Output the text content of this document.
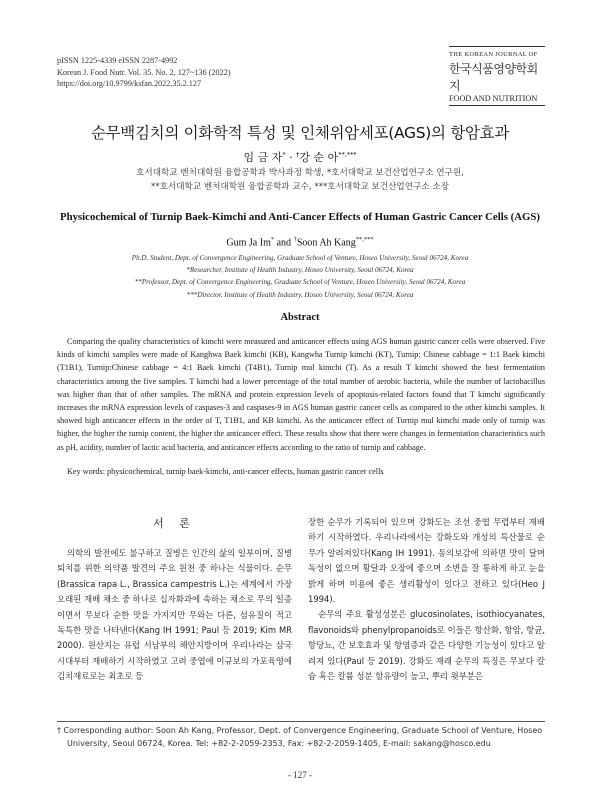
pISSN 1225-4339 eISSN 2287-4992
Korean J. Food Nutr. Vol. 35. No. 2, 127~136 (2022)
https://doi.org/10.9799/ksfan.2022.35.2.127
THE KOREAN JOURNAL OF
한국식품영양학회지
FOOD AND NUTRITION
순무백김치의 이화학적 특성 및 인체위암세포(AGS)의 항암효과
임 금 자* · †강 순 아**,***
호서대학교 벤처대학원 융합공학과 박사과정 학생, *호서대학교 보건산업연구소 연구원,
**호서대학교 벤처대학원 융합공학과 교수, ***호서대학교 보건산업연구소 소장
Physicochemical of Turnip Baek-Kimchi and Anti-Cancer Effects of Human Gastric Cancer Cells (AGS)
Gum Ja Im* and †Soon Ah Kang**,***
Ph.D. Student, Dept. of Convergence Engineering, Graduate School of Venture, Hoseo University, Seoul 06724, Korea
*Researcher, Institute of Health Industry, Hoseo University, Seoul 06724, Korea
**Professor, Dept. of Convergence Engineering, Graduate School of Venture, Hoseo University, Seoul 06724, Korea
***Director, Institute of Health Industry, Hoseo University, Seoul 06724, Korea
Abstract
Comparing the quality characteristics of kimchi were measured and anticancer effects using AGS human gastric cancer cells were observed. Five kinds of kimchi samples were made of Kanghwa Baek kimchi (KB), Kangwha Turnip kimchi (KT), Turnip: Chinese cabbage = 1:1 Baek kimchi (T1B1), Turnip:Chinese cabbage = 4:1 Baek kimchi (T4B1), Turnip mul kimchi (T). As a result T kimchi showed the best fermentation characteristics among the five samples. T kimchi had a lower percentage of the total number of aerobic bacteria, while the number of lactobacillus was higher than that of other samples. The mRNA and protein expression levels of apoptosis-related factors found that T kimchi significantly increases the mRNA expression levels of caspases-3 and caspases-9 in AGS human gastric cancer cells as compared to the other kimchi samples. It showed high anticancer effects in the order of T, T1B1, and KB kimchi. As the anticancer effect of Turnip mul kimchi made only of turnip was higher, the higher the turnip content, the higher the anticancer effect. These results show that there were changes in fermentation characteristics such as pH, acidity, number of lactic acid bacteria, and anticancer effects according to the ratio of turnip and cabbage.
Key words: physicochemical, turnip baek-kimchi, anti-cancer effects, human gastric cancer cells
서 론
의학의 발전에도 불구하고 질병은 인간의 삶의 일부이며, 질병퇴치를 위한 의약품 발견의 주요 원천 중 하나는 식물이다. 순무(Brassica rapa L., Brassica campestris L.)는 세계에서 가장 오래된 재배 채소 중 하나로 십자화과에 속하는 채소로 무의 일종이면서 무보다 순한 맛을 가지지만 무와는 다른, 섬유질이 적고 독특한 맛을 나타낸다(Kang IH 1991; Paul 등 2019; Kim MR 2000). 원산지는 유럽 서남부의 해안지방이며 우리나라는 삼국시대부터 재배하기 시작하였고 고려 중엽에 이규보의 가포육영에 김치재료로는 최초로 등

장한 순무가 기록되어 있으며 강화도는 조선 중엽 무렵부터 재배하기 시작하였다. 우리나라에서는 강화도와 개성의 특산물로 순무가 알려져있다(Kang IH 1991). 동의보감에 의하면 맛이 달며 독성이 없으며 황달과 오장에 좋으며 소변을 잘 통하게 하고 눈을 밝게 하며 미용에 좋은 생리활성이 있다고 전하고 있다(Heo J 1994).

순무의 주요 활성성분은 glucosinolates, isothiocyanates, flavonoids와 phenylpropanoids로 이들은 항산화, 항암, 항균, 항당뇨, 간 보호효과 및 항염증과 같은 다양한 기능성이 있다고 알려져 있다(Paul 등 2019). 강화도 재래 순무의 특징은 무보다 칼슘 혹은 칼륨 성분 함유량이 높고, 뿌리 윗부분은

† Corresponding author: Soon Ah Kang, Professor, Dept. of Convergence Engineering, Graduate School of Venture, Hoseo University, Seoul 06724, Korea. Tel: +82-2-2059-2353, Fax: +82-2-2059-1405, E-mail: sakang@hosco.edu
- 127 -
